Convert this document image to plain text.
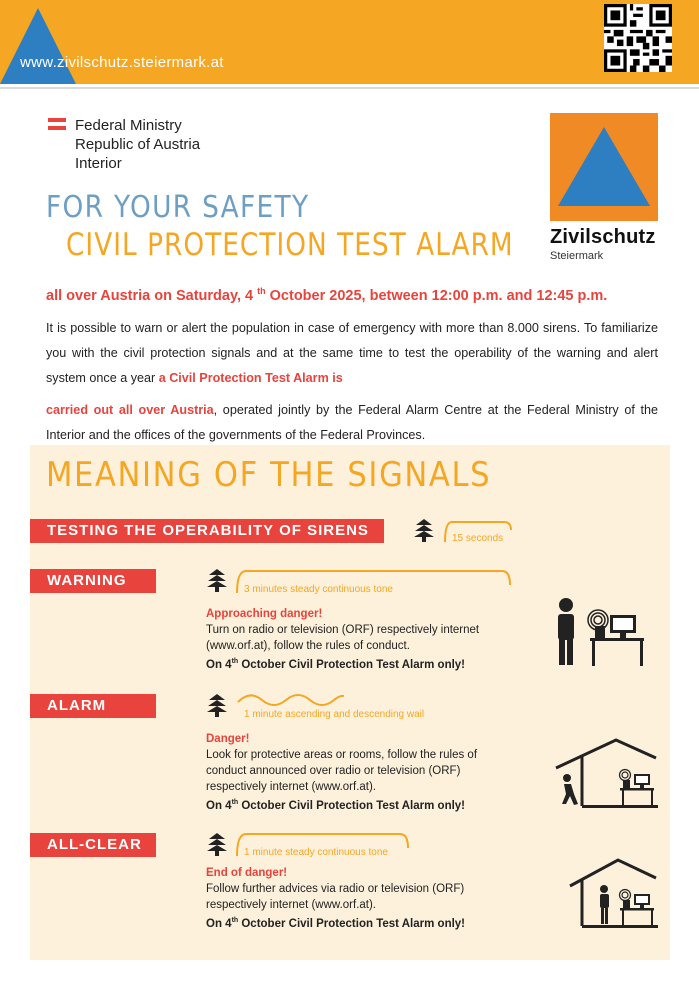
www.zivilschutz.steiermark.at
Federal Ministry
Republic of Austria
Interior
Zivilschutz
Steiermark
FOR YOUR SAFETY
CIVIL PROTECTION TEST ALARM
all over Austria on Saturday, 4 $^{th}$ October 2025, between 12:00 p.m. and 12:45 p.m.
It is possible to warn or alert the population in case of emergency with more than 8.000 sirens. To familiarize you with the civil protection signals and at the same time to test the operability of the warning and alert system once a year a Civil Protection Test Alarm is
carried out all over Austria, operated jointly by the Federal Alarm Centre at the Federal Ministry of the Interior and the offices of the governments of the Federal Provinces.
MEANING OF THE SIGNALS
TESTING THE OPERABILITY OF SIRENS	15 seconds
WARNING
3 minutes steady continuous tone
Approaching danger!
Turn on radio or television (ORF) respectively internet (www.orf.at), follow the rules of conduct.
On 4th October Civil Protection Test Alarm only!
ALARM
1 minute ascending and descending wail
Danger!
Look for protective areas or rooms, follow the rules of conduct announced over radio or television (ORF) respectively internet (www.orf.at).
On 4th October Civil Protection Test Alarm only!
ALL-CLEAR	1 minute steady continuous tone
End of danger!
Follow further advices via radio or television (ORF) respectively internet (www.orf.at).
On 4th October Civil Protection Test Alarm only!
